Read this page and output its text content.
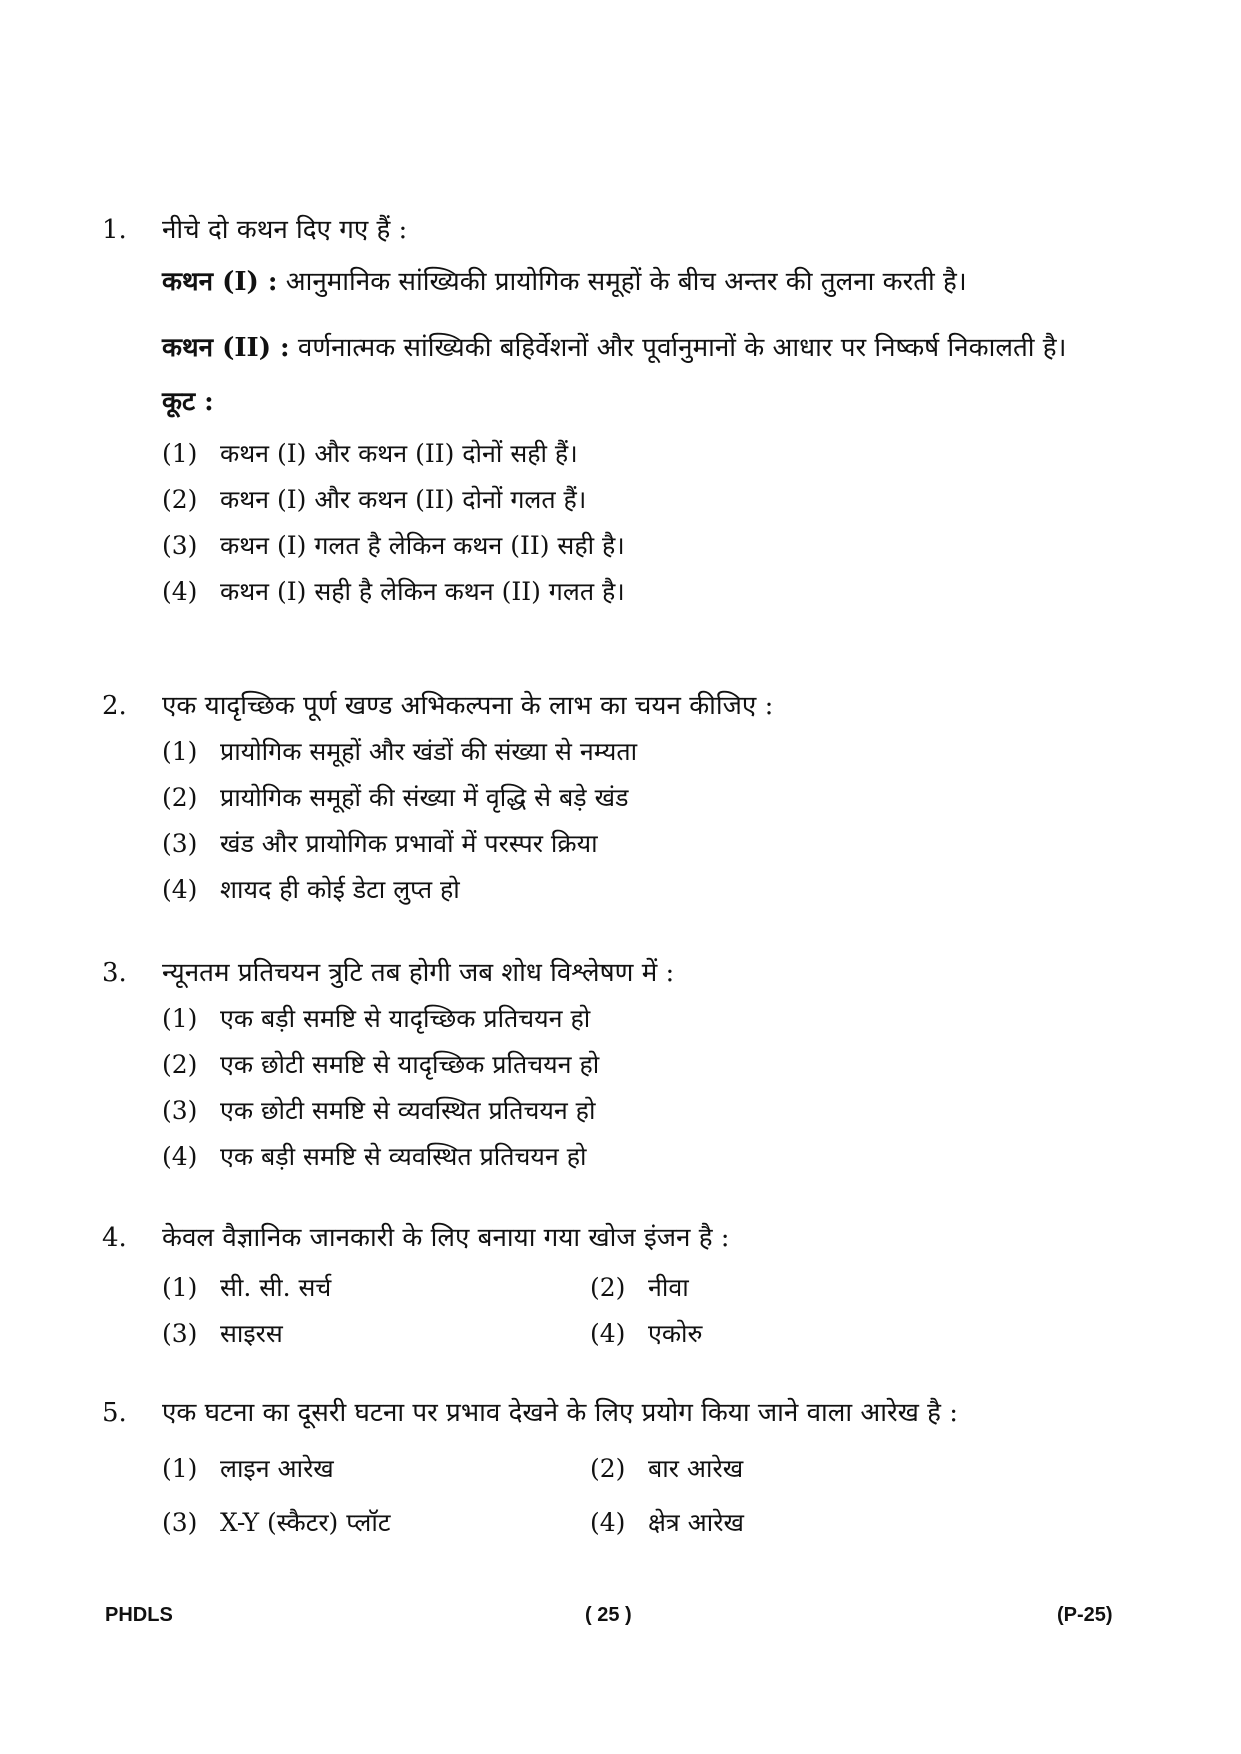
1.	नीचे दो कथन दिए गए हैं :
कथन (I) : आनुमानिक सांख्यिकी प्रायोगिक समूहों के बीच अन्तर की तुलना करती है।
कथन (II) : वर्णनात्मक सांख्यिकी बहिर्वेशनों और पूर्वानुमानों के आधार पर निष्कर्ष निकालती है।
कूट :
(1) कथन (I) और कथन (II) दोनों सही हैं।
(2) कथन (I) और कथन (II) दोनों गलत हैं।
(3) कथन (I) गलत है लेकिन कथन (II) सही है।
(4) कथन (I) सही है लेकिन कथन (II) गलत है।
2.	एक यादृच्छिक पूर्ण खण्ड अभिकल्पना के लाभ का चयन कीजिए :
(1) प्रायोगिक समूहों और खंडों की संख्या से नम्यता
(2) प्रायोगिक समूहों की संख्या में वृद्धि से बड़े खंड
(3) खंड और प्रायोगिक प्रभावों में परस्पर क्रिया
(4) शायद ही कोई डेटा लुप्त हो
3.	न्यूनतम प्रतिचयन त्रुटि तब होगी जब शोध विश्लेषण में :
(1) एक बड़ी समष्टि से यादृच्छिक प्रतिचयन हो
(2) एक छोटी समष्टि से यादृच्छिक प्रतिचयन हो
(3) एक छोटी समष्टि से व्यवस्थित प्रतिचयन हो
(4) एक बड़ी समष्टि से व्यवस्थित प्रतिचयन हो
4.	केवल वैज्ञानिक जानकारी के लिए बनाया गया खोज इंजन है :
(1) सी. सी. सर्च	(2) नीवा
(3) साइरस	(4) एकोरु
5.	एक घटना का दूसरी घटना पर प्रभाव देखने के लिए प्रयोग किया जाने वाला आरेख है :
(1) लाइन आरेख	(2) बार आरेख
(3) X-Y (स्कैटर) प्लॉट	(4) क्षेत्र आरेख
PHDLS	( 25 )	(P-25)
